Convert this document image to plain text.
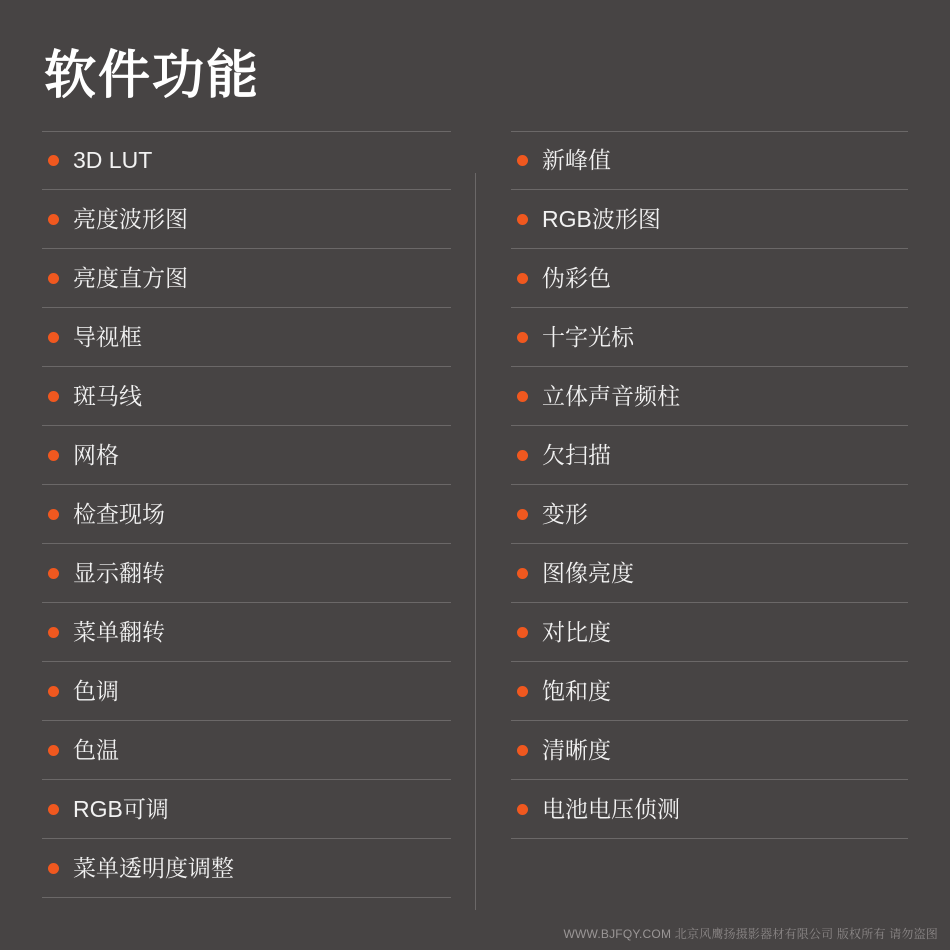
软件功能
3D LUT
亮度波形图
亮度直方图
导视框
斑马线
网格
检查现场
显示翻转
菜单翻转
色调
色温
RGB可调
菜单透明度调整
新峰值
RGB波形图
伪彩色
十字光标
立体声音频柱
欠扫描
变形
图像亮度
对比度
饱和度
清晰度
电池电压侦测
WWW.BJFQY.COM 北京风鹰扬摄影器材有限公司 版权所有 请勿盗图
